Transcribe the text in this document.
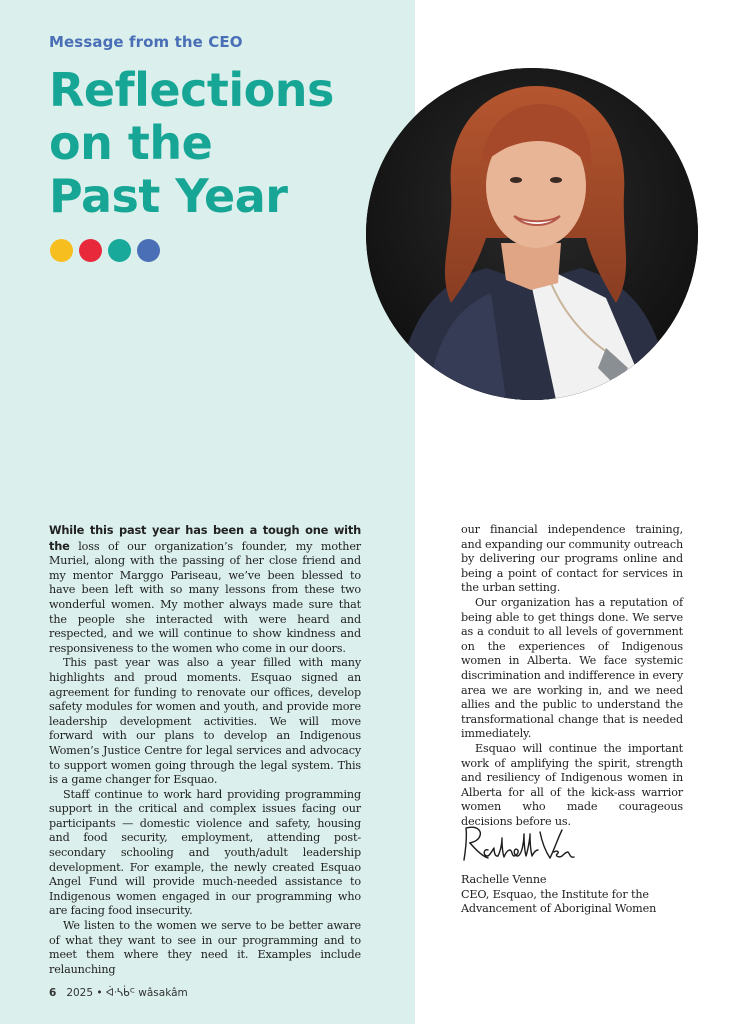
Message from the CEO
Reflections
on the
Past Year

While this past year has been a tough one with the loss of our organization’s founder, my mother Muriel, along with the passing of her close friend and my mentor Marggo Pariseau, we’ve been blessed to have been left with so many lessons from these two wonderful women. My mother always made sure that the people she interacted with were heard and respected, and we will continue to show kindness and responsiveness to the women who come in our doors.

This past year was also a year filled with many highlights and proud moments. Esquao signed an agreement for funding to renovate our offices, develop safety modules for women and youth, and provide more leadership development activities. We will move forward with our plans to develop an Indigenous Women’s Justice Centre for legal services and advocacy to support women going through the legal system. This is a game changer for Esquao.

Staff continue to work hard providing programming support in the critical and complex issues facing our participants — domestic violence and safety, housing and food security, employment, attending post-secondary schooling and youth/adult leadership development. For example, the newly created Esquao Angel Fund will provide much-needed assistance to Indigenous women engaged in our programming who are facing food insecurity.

We listen to the women we serve to be better aware of what they want to see in our programming and to meet them where they need it. Examples include relaunching

our financial independence training, and expanding our community outreach by delivering our programs online and being a point of contact for services in the urban setting.

Our organization has a reputation of being able to get things done. We serve as a conduit to all levels of government on the experiences of Indigenous women in Alberta. We face systemic discrimination and indifference in every area we are working in, and we need allies and the public to understand the transformational change that is needed immediately.

Esquao will continue the important work of amplifying the spirit, strength and resiliency of Indigenous women in Alberta for all of the kick-ass warrior women who made courageous decisions before us.

Rachelle Venne
CEO, Esquao, the Institute for the
Advancement of Aboriginal Women
6 2025 • ᐋᐧᓴᑳᒼ wâsakâm
